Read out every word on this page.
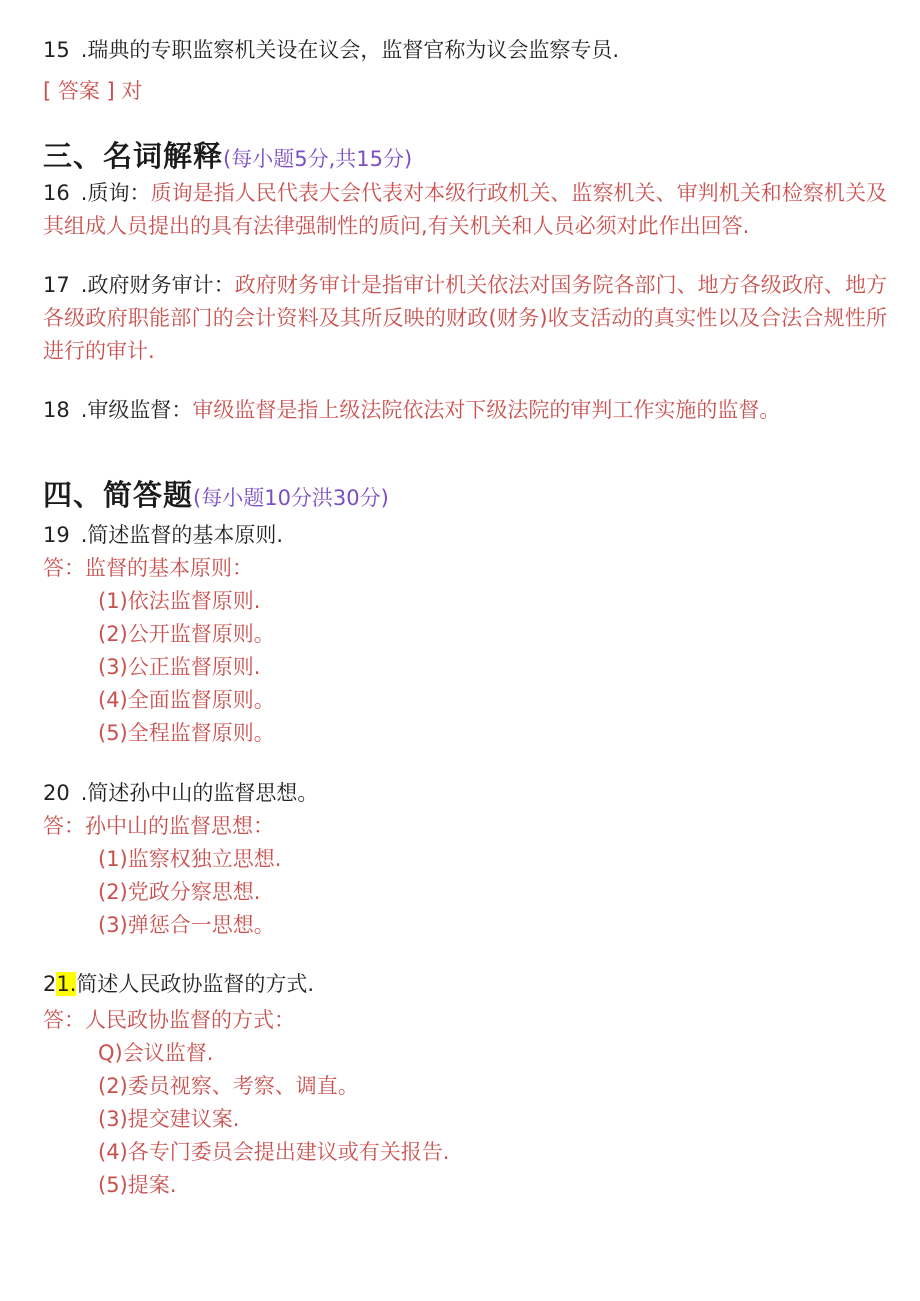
15 .瑞典的专职监察机关设在议会，监督官称为议会监察专员.

[ 答案 ] 对

三、名词解释(每小题5分,共15分)

16 .质询：质询是指人民代表大会代表对本级行政机关、监察机关、审判机关和检察机关及其组成人员提出的具有法律强制性的质问,有关机关和人员必须对此作出回答.

17 .政府财务审计：政府财务审计是指审计机关依法对国务院各部门、地方各级政府、地方各级政府职能部门的会计资料及其所反映的财政(财务)收支活动的真实性以及合法合规性所进行的审计.

18 .审级监督：审级监督是指上级法院依法对下级法院的审判工作实施的监督。

四、简答题(每小题10分洪30分)

19 .简述监督的基本原则.

答：监督的基本原则：

(1)依法监督原则.

(2)公开监督原则。

(3)公正监督原则.

(4)全面监督原则。

(5)全程监督原则。

20 .简述孙中山的监督思想。

答：孙中山的监督思想：

(1)监察权独立思想.

(2)党政分察思想.

(3)弹惩合一思想。

21.简述人民政协监督的方式.

答：人民政协监督的方式：

Q)会议监督.

(2)委员视察、考察、调直。

(3)提交建议案.

(4)各专门委员会提出建议或有关报告.

(5)提案.
